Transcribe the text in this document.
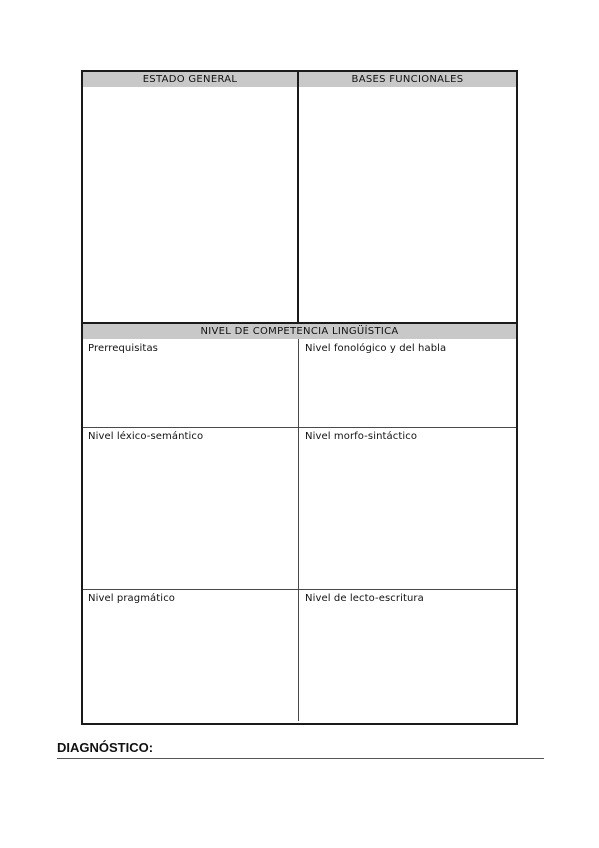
ESTADO GENERAL	BASES FUNCIONALES
NIVEL DE COMPETENCIA LINGÜÍSTICA
Prerrequisitas	Nivel fonológico y del habla
Nivel léxico-semántico	Nivel morfo-sintáctico
Nivel pragmático	Nivel de lecto-escritura
DIAGNÓSTICO:
